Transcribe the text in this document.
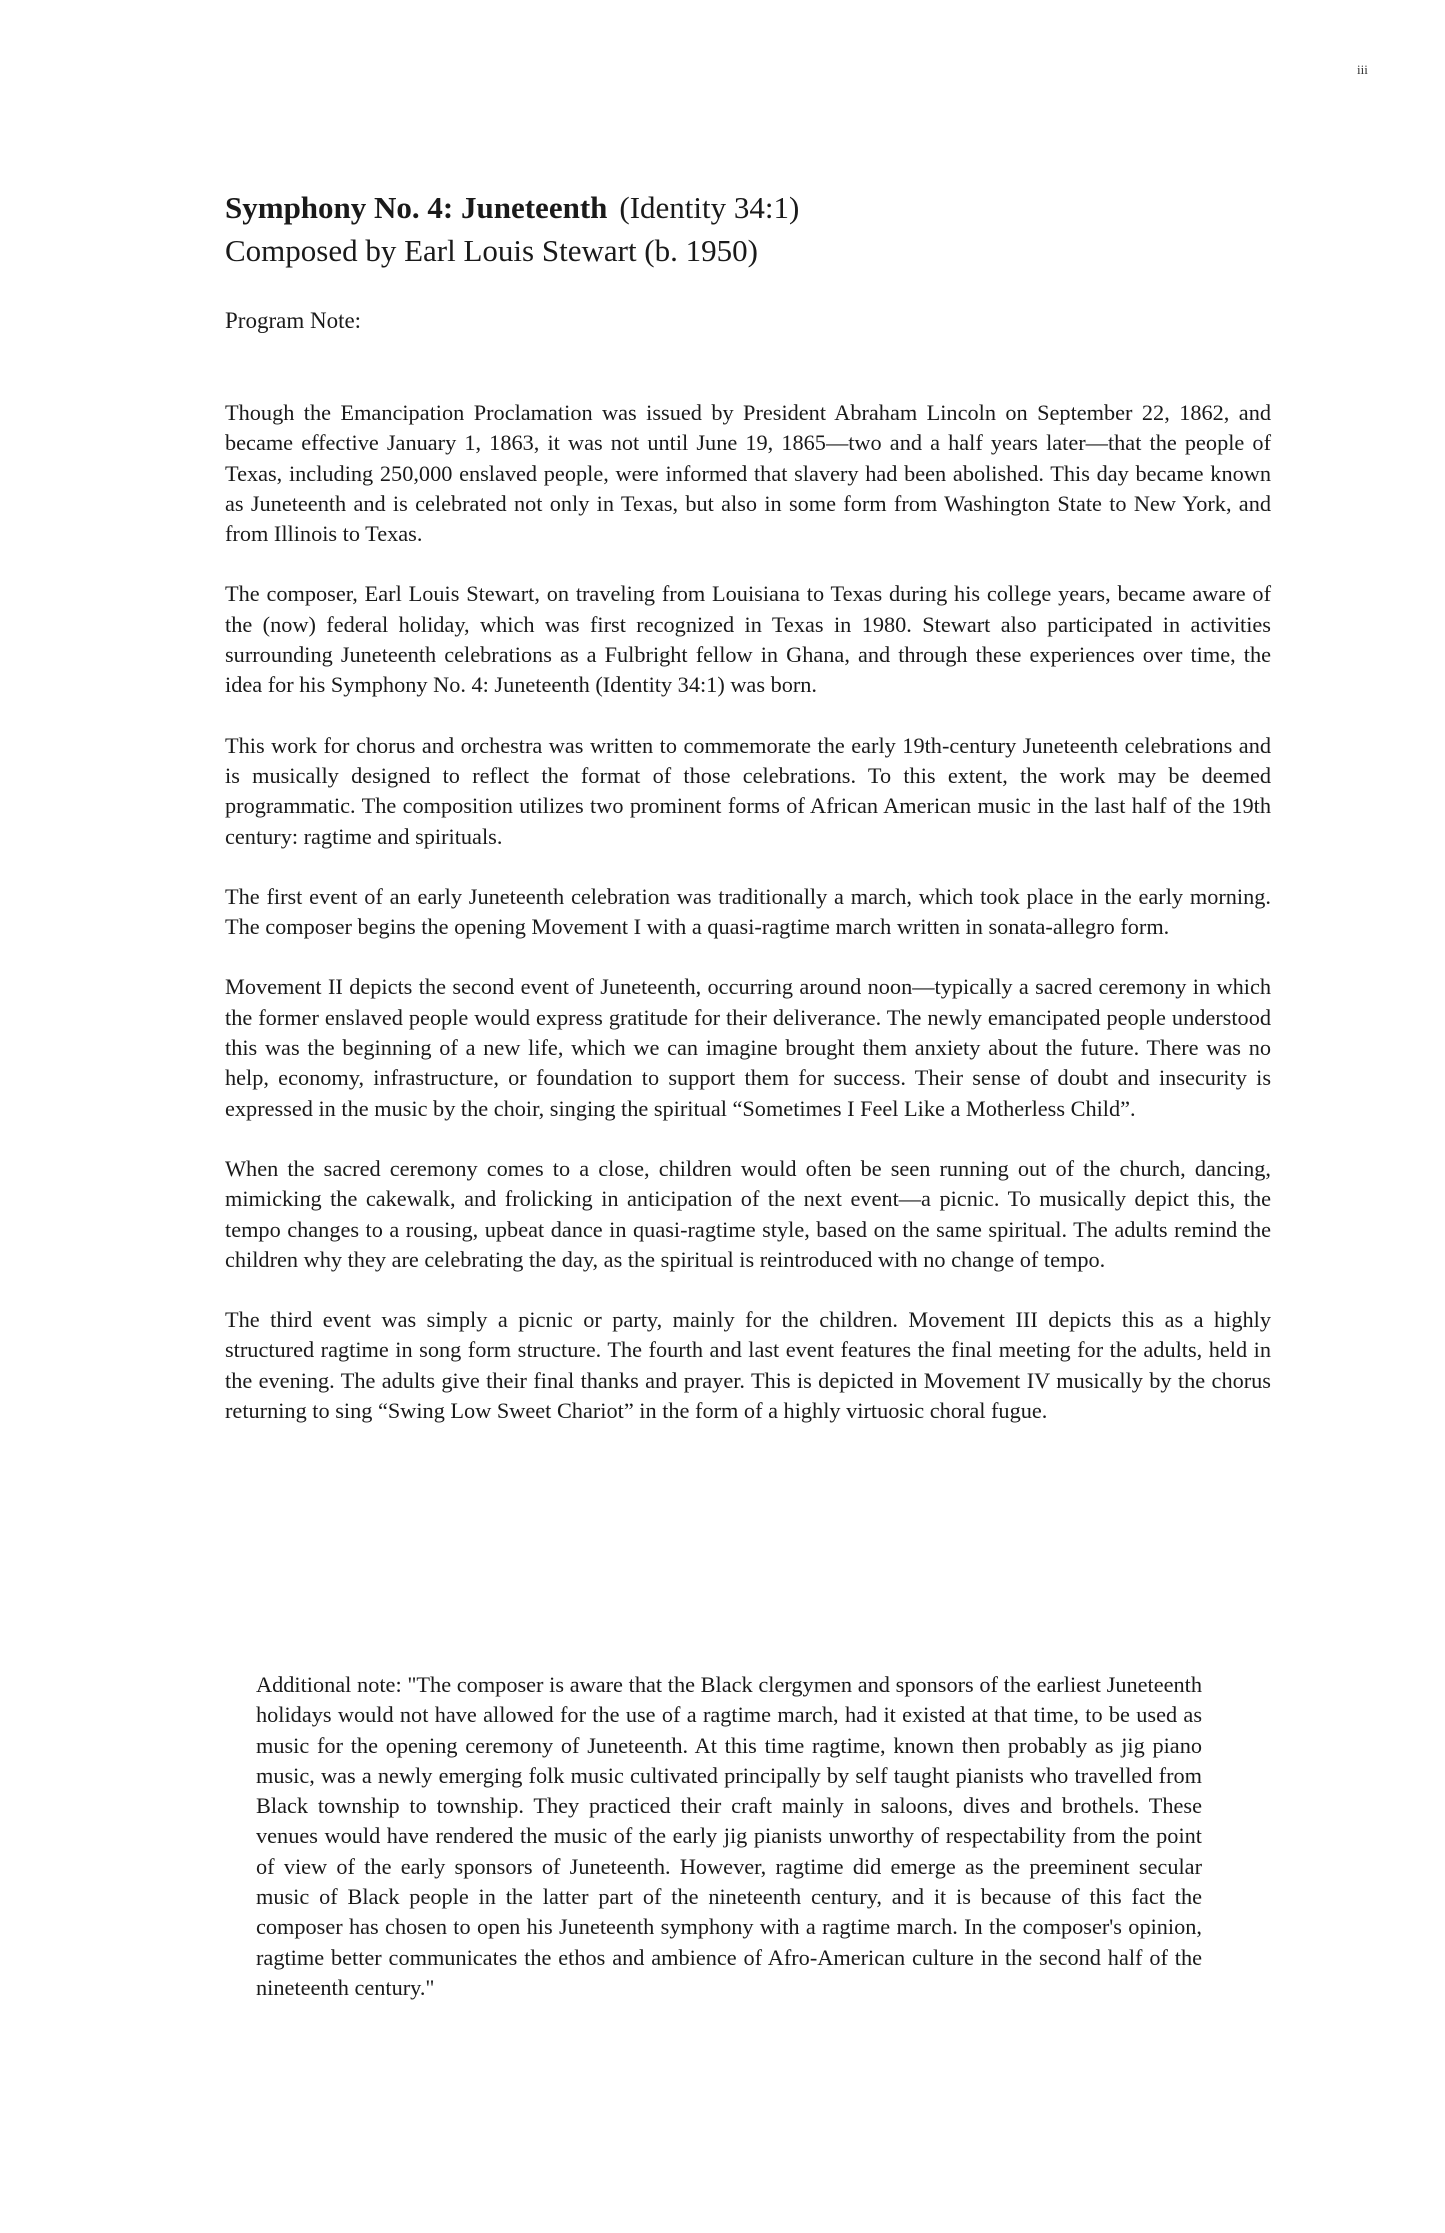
iii
Symphony No. 4: Juneteenth (Identity 34:1)
Composed by Earl Louis Stewart (b. 1950)
Program Note:

Though the Emancipation Proclamation was issued by President Abraham Lincoln on September 22, 1862, and became effective January 1, 1863, it was not until June 19, 1865—two and a half years later—that the people of Texas, including 250,000 enslaved people, were informed that slavery had been abolished. This day became known as Juneteenth and is celebrated not only in Texas, but also in some form from Washington State to New York, and from Illinois to Texas.

The composer, Earl Louis Stewart, on traveling from Louisiana to Texas during his college years, became aware of the (now) federal holiday, which was first recognized in Texas in 1980. Stewart also participated in activities surrounding Juneteenth celebrations as a Fulbright fellow in Ghana, and through these experiences over time, the idea for his Symphony No. 4: Juneteenth (Identity 34:1) was born.

This work for chorus and orchestra was written to commemorate the early 19th-century Juneteenth celebrations and is musically designed to reflect the format of those celebrations. To this extent, the work may be deemed programmatic. The composition utilizes two prominent forms of African American music in the last half of the 19th century: ragtime and spirituals.

The first event of an early Juneteenth celebration was traditionally a march, which took place in the early morning. The composer begins the opening Movement I with a quasi-ragtime march written in sonata-allegro form.

Movement II depicts the second event of Juneteenth, occurring around noon—typically a sacred ceremony in which the former enslaved people would express gratitude for their deliverance. The newly emancipated people understood this was the beginning of a new life, which we can imagine brought them anxiety about the future. There was no help, economy, infrastructure, or foundation to support them for success. Their sense of doubt and insecurity is expressed in the music by the choir, singing the spiritual “Sometimes I Feel Like a Motherless Child”.

When the sacred ceremony comes to a close, children would often be seen running out of the church, dancing, mimicking the cakewalk, and frolicking in anticipation of the next event—a picnic. To musically depict this, the tempo changes to a rousing, upbeat dance in quasi-ragtime style, based on the same spiritual. The adults remind the children why they are celebrating the day, as the spiritual is reintroduced with no change of tempo.

The third event was simply a picnic or party, mainly for the children. Movement III depicts this as a highly structured ragtime in song form structure. The fourth and last event features the final meeting for the adults, held in the evening. The adults give their final thanks and prayer. This is depicted in Movement IV musically by the chorus returning to sing “Swing Low Sweet Chariot” in the form of a highly virtuosic choral fugue.

Additional note: "The composer is aware that the Black clergymen and sponsors of the earliest Juneteenth holidays would not have allowed for the use of a ragtime march, had it existed at that time, to be used as music for the opening ceremony of Juneteenth. At this time ragtime, known then probably as jig piano music, was a newly emerging folk music cultivated principally by self taught pianists who travelled from Black township to township. They practiced their craft mainly in saloons, dives and brothels. These venues would have rendered the music of the early jig pianists unworthy of respectability from the point of view of the early sponsors of Juneteenth. However, ragtime did emerge as the preeminent secular music of Black people in the latter part of the nineteenth century, and it is because of this fact the composer has chosen to open his Juneteenth symphony with a ragtime march. In the composer's opinion, ragtime better communicates the ethos and ambience of Afro-American culture in the second half of the nineteenth century."
